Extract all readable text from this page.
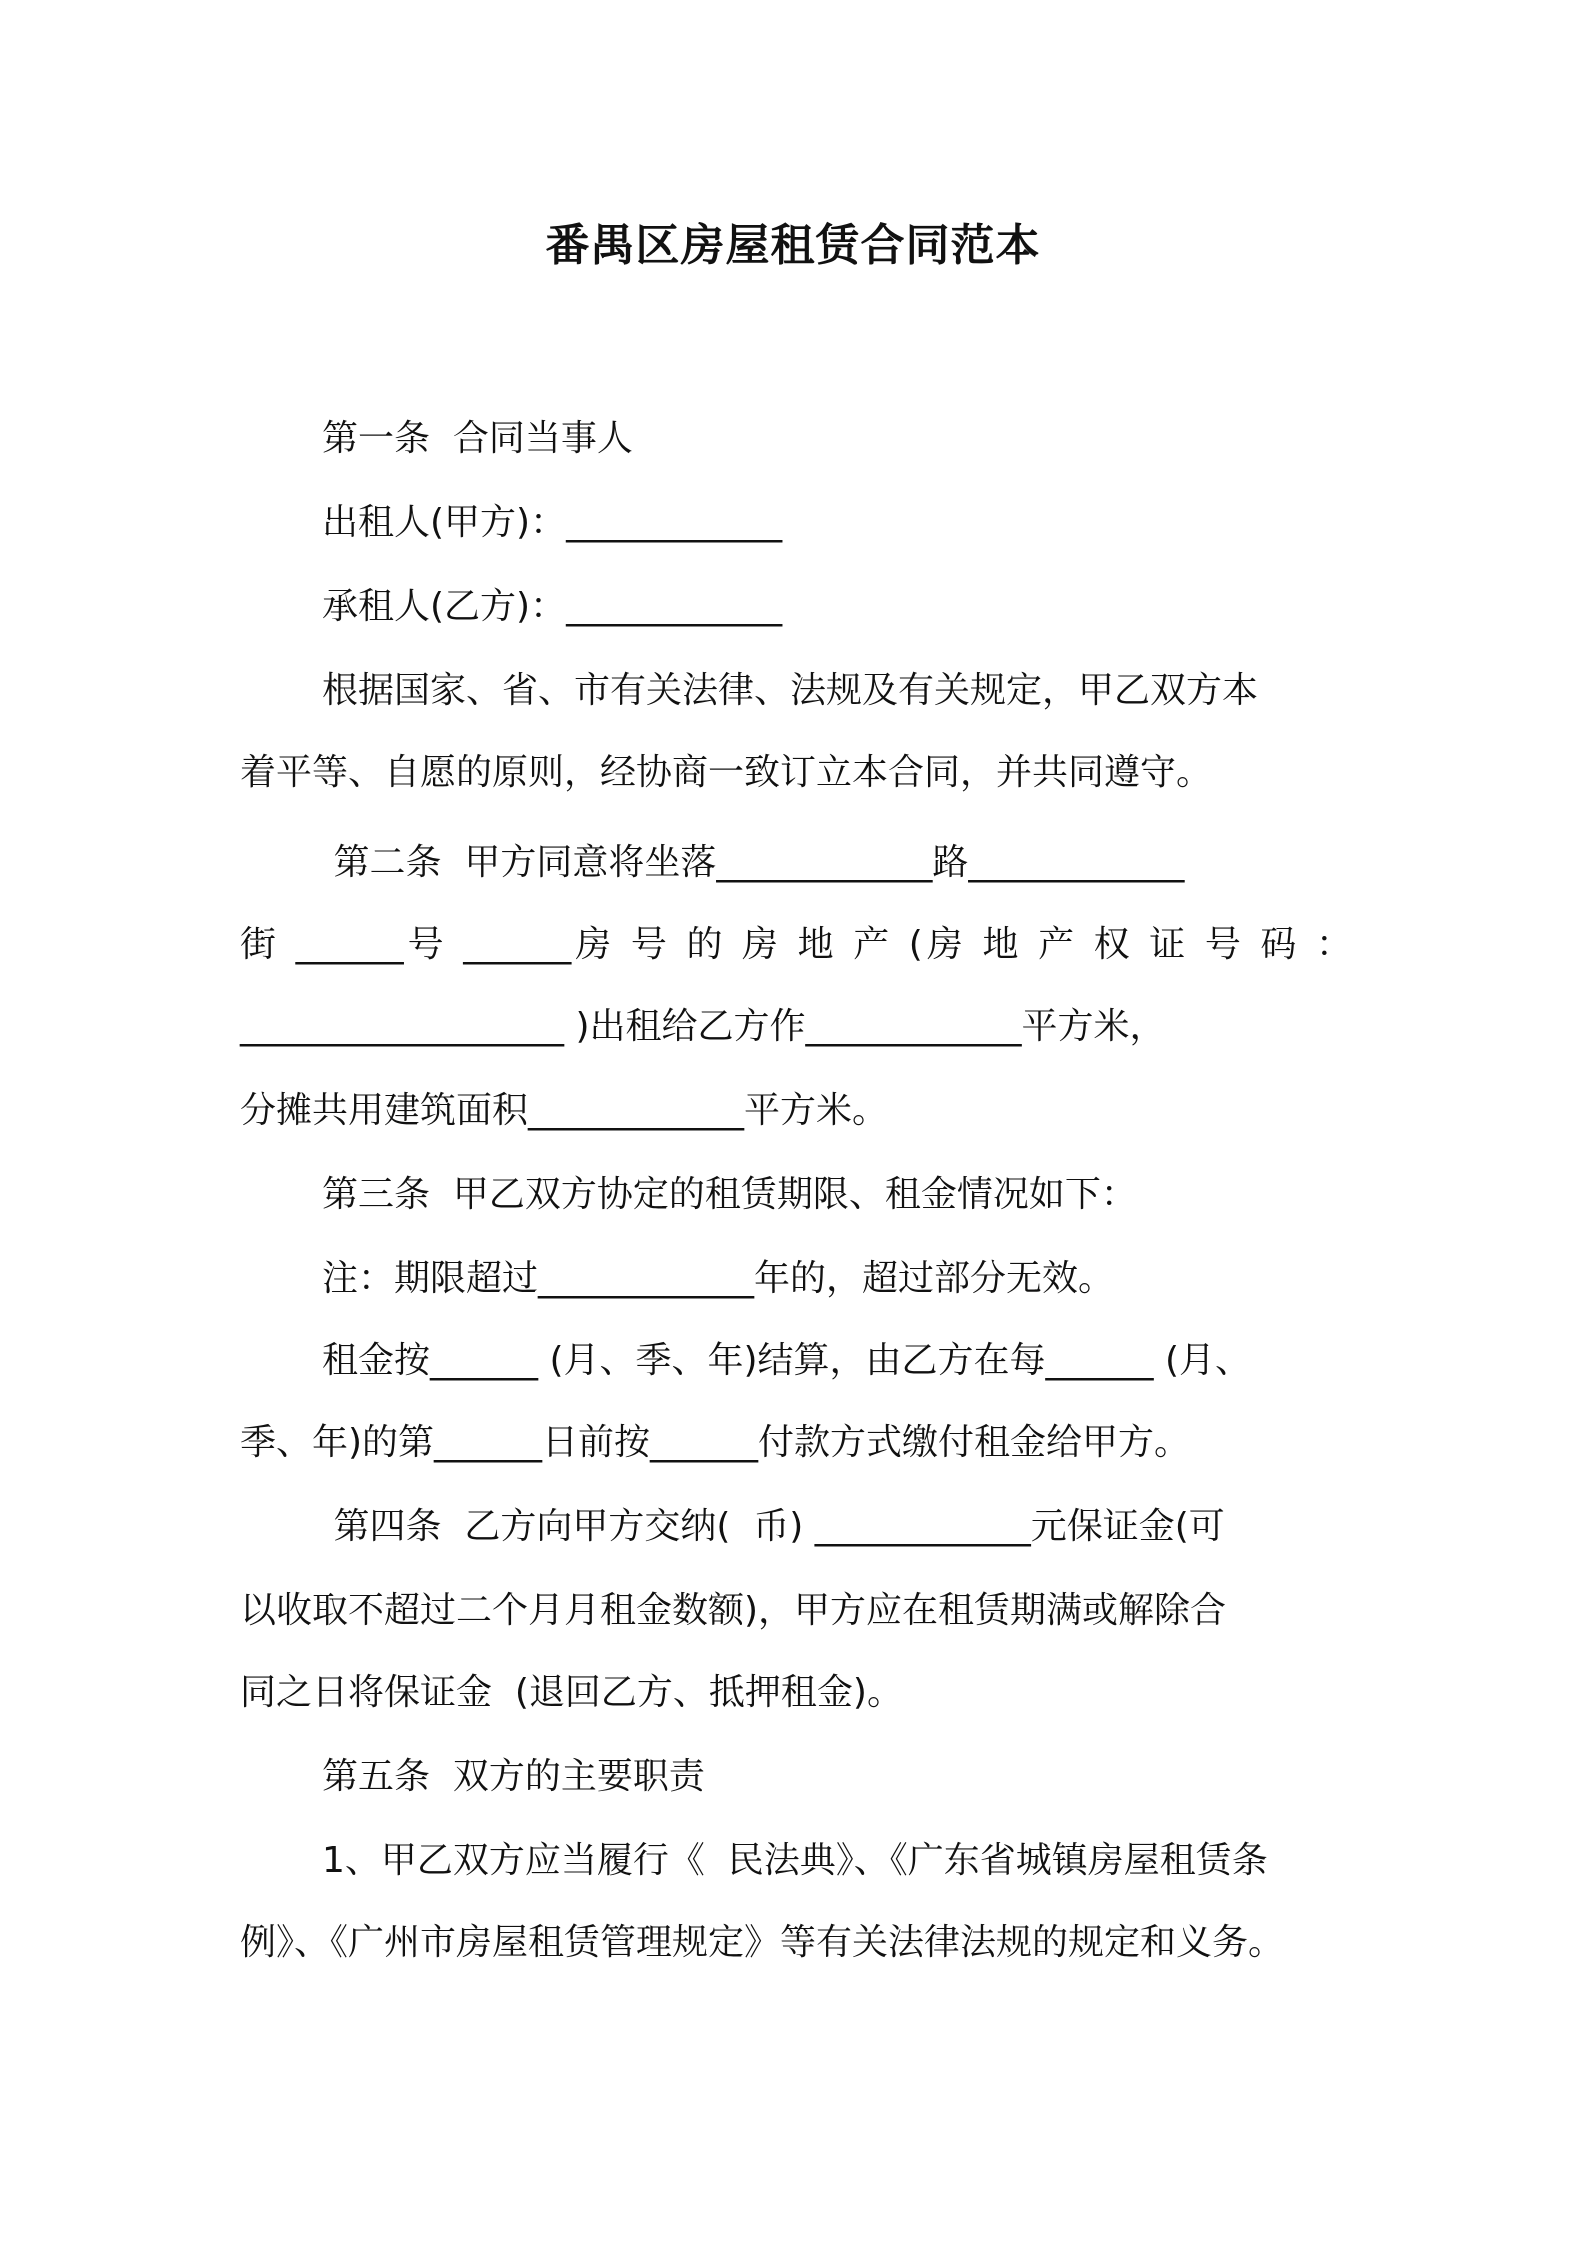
番禺区房屋租赁合同范本
第一条  合同当事人
出租人(甲方)：____________
承租人(乙方)：____________
根据国家、省、市有关法律、法规及有关规定，甲乙双方本
着平等、自愿的原则，经协商一致订立本合同，并共同遵守。
第二条  甲方同意将坐落____________路____________
街 ______号 ______房 号 的 房 地 产 (房 地 产 权 证 号 码 ：
__________________ )出租给乙方作____________平方米，
分摊共用建筑面积____________平方米。
第三条  甲乙双方协定的租赁期限、租金情况如下：
注：期限超过____________年的，超过部分无效。
租金按______ (月、季、年)结算，由乙方在每______ (月、
季、年)的第______日前按______付款方式缴付租金给甲方。
第四条  乙方向甲方交纳(  币) ____________元保证金(可
以收取不超过二个月月租金数额)，甲方应在租赁期满或解除合
同之日将保证金  (退回乙方、抵押租金)。
第五条  双方的主要职责
1、甲乙双方应当履行《  民法典》、《广东省城镇房屋租赁条
例》、《广州市房屋租赁管理规定》等有关法律法规的规定和义务。
